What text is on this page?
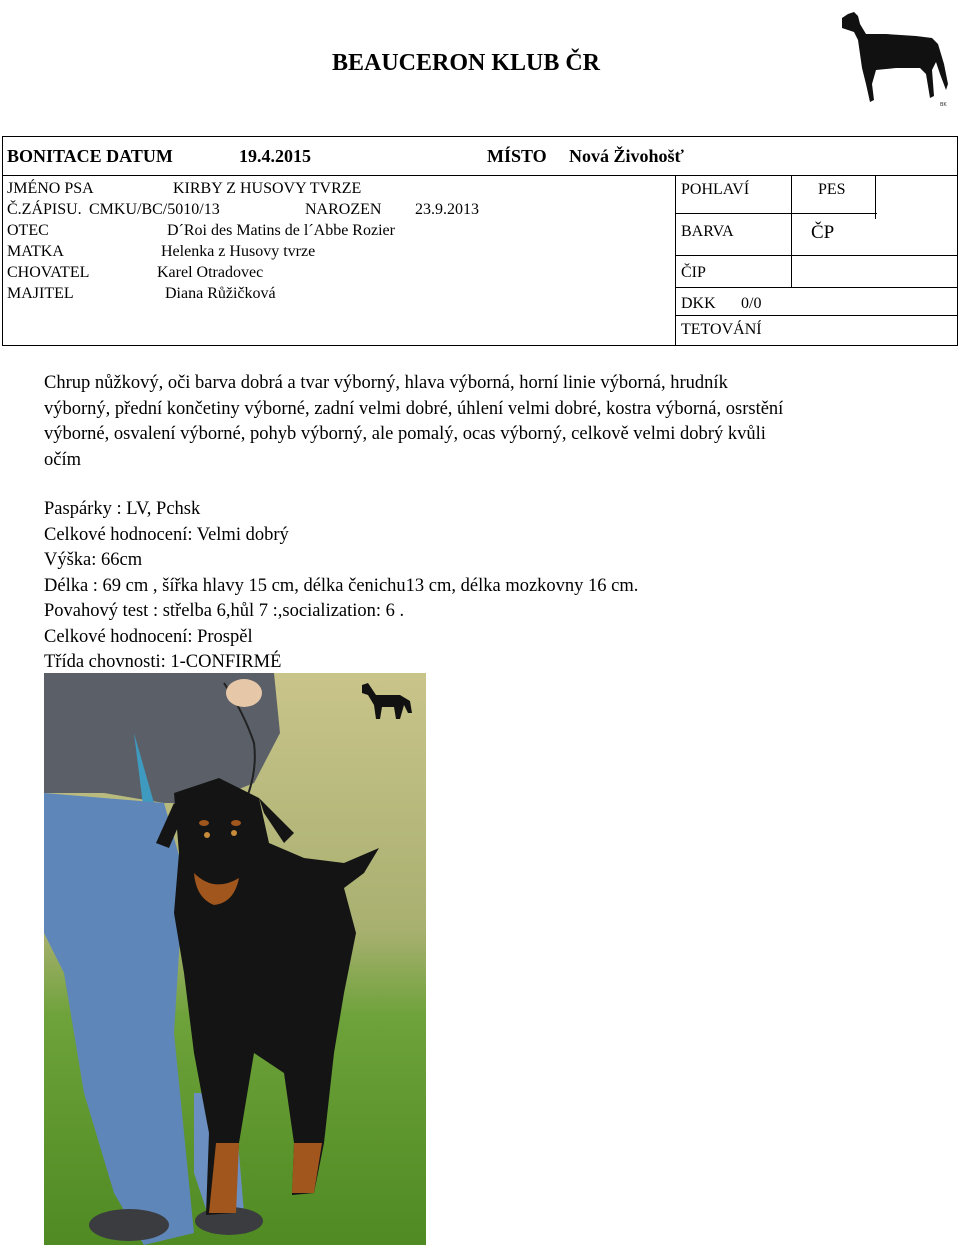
BEAUCERON KLUB ČR
BK
BONITACE DATUM	19.4.2015	MÍSTO Nová Živohošť
JMÉNO PSA	KIRBY Z HUSOVY TVRZE
Č.ZÁPISU. CMKU/BC/5010/13	NAROZEN 23.9.2013
OTEC	D´Roi des Matins de l´Abbe Rozier
MATKA	Helenka z Husovy tvrze
CHOVATEL	Karel Otradovec
MAJITEL	Diana Růžičková
POHLAVÍ	PES
BARVA	ČP
ČIP
DKK 0/0
TETOVÁNÍ
Chrup nůžkový, oči barva dobrá a tvar výborný, hlava výborná, horní linie výborná, hrudník
výborný, přední končetiny výborné, zadní velmi dobré, úhlení velmi dobré, kostra výborná, osrstění
výborné, osvalení výborné, pohyb výborný, ale pomalý, ocas výborný, celkově velmi dobrý kvůli
očím
Paspárky : LV, Pchsk
Celkové hodnocení: Velmi dobrý
Výška: 66cm
Délka : 69 cm , šířka hlavy 15 cm, délka čenichu13 cm, délka mozkovny 16 cm.
Povahový test : střelba 6,hůl 7 :,socialization: 6 .
Celkové hodnocení: Prospěl
Třída chovnosti: 1-CONFIRMÉ
